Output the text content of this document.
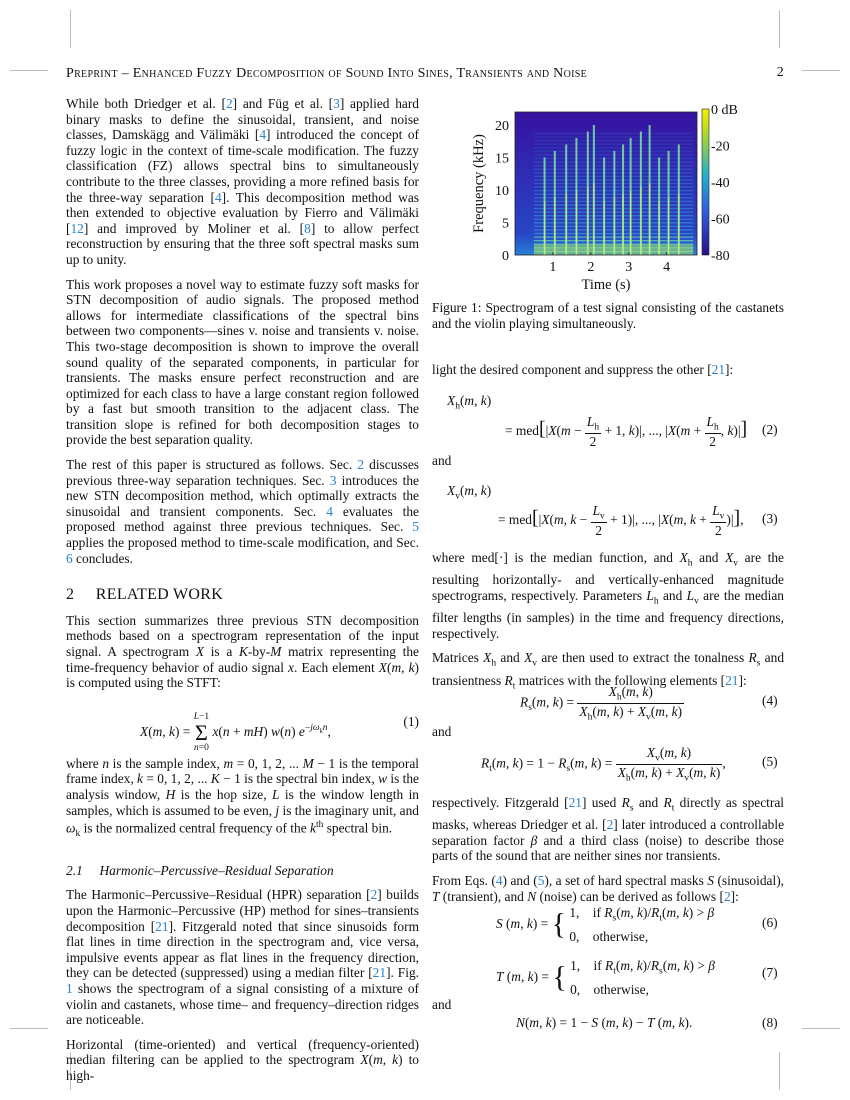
Preprint – Enhanced Fuzzy Decomposition of Sound Into Sines, Transients and Noise	2

While both Driedger et al. [2] and Füg et al. [3] applied hard binary masks to define the sinusoidal, transient, and noise classes, Damskägg and Välimäki [4] introduced the concept of fuzzy logic in the context of time-scale modification. The fuzzy classification (FZ) allows spectral bins to simultaneously contribute to the three classes, providing a more refined basis for the three-way separation [4]. This decomposition method was then extended to objective evaluation by Fierro and Välimäki [12] and improved by Moliner et al. [8] to allow perfect reconstruction by ensuring that the three soft spectral masks sum up to unity.

This work proposes a novel way to estimate fuzzy soft masks for STN decomposition of audio signals. The proposed method allows for intermediate classifications of the spectral bins between two components—sines v. noise and transients v. noise. This two-stage decomposition is shown to improve the overall sound quality of the separated components, in particular for transients. The masks ensure perfect reconstruction and are optimized for each class to have a large constant region followed by a fast but smooth transition to the adjacent class. The transition slope is refined for both decomposition stages to provide the best separation quality.

The rest of this paper is structured as follows. Sec. 2 discusses previous three-way separation techniques. Sec. 3 introduces the new STN decomposition method, which optimally extracts the sinusoidal and transient components. Sec. 4 evaluates the proposed method against three previous techniques. Sec. 5 applies the proposed method to time-scale modification, and Sec. 6 concludes.

2     RELATED WORK

This section summarizes three previous STN decomposition methods based on a spectrogram representation of the input signal. A spectrogram X is a K-by-M matrix representing the time-frequency behavior of audio signal x. Each element X(m, k) is computed using the STFT:

X(m, k) =
L−1
Σ
n=0
x(n + mH) w(n) $e^{-j\omega_kn}$,
(1)

where n is the sample index, m = 0, 1, 2, ... M − 1 is the temporal frame index, k = 0, 1, 2, ... K − 1 is the spectral bin index, w is the analysis window, H is the hop size, L is the window length in samples, which is assumed to be even, j is the imaginary unit, and $\omega_k$ is the normalized central frequency of the $k^{th}$ spectral bin.

2.1     Harmonic–Percussive–Residual Separation

The Harmonic–Percussive–Residual (HPR) separation [2] builds upon the Harmonic–Percussive (HP) method for sines–transients decomposition [21]. Fitzgerald noted that since sinusoids form flat lines in time direction in the spectrogram and, vice versa, impulsive events appear as flat lines in the frequency direction, they can be detected (suppressed) using a median filter [21]. Fig. 1 shows the spectrogram of a signal consisting of a mixture of violin and castanets, whose time– and frequency–direction ridges are noticeable.

Horizontal (time-oriented) and vertical (frequency-oriented) median filtering can be applied to the spectrogram X(m, k) to high-

1 2 3 4
0
5
10
15
20
Time (s)
Frequency (kHz)
0 dB
-20
-40
-60
-80
Figure 1: Spectrogram of a test signal consisting of the castanets and the violin playing simultaneously.

light the desired component and suppress the other [21]:

$X_h(m$, k)
= $med[|X(m - \frac{L_h}{2} + 1$, k)|, ..., $|X(m + \frac{L_h}{2}$ , k)|] (2)
and
$X_v(m$, k)
= med[|X(m, $k - \frac{L_v}{2} + 1)|$, ..., |X(m, $k + \frac{L_v}{2}$ )|], (3)

where med[·] is the median function, and $X_h$ and $X_v$ are the resulting horizontally- and vertically-enhanced magnitude spectrograms, respectively. Parameters $L_h$ and $L_v$ are the median filter lengths (in samples) in the time and frequency directions, respectively.

Matrices $X_h$ and $X_v$ are then used to extract the tonalness $R_s$ and transientness $R_t$ matrices with the following elements [21]:

$R_s(m$, $k) = \frac{X_h(m, k)}{X_h(m, k) + X_v(m, k)}$	(4)
and
$R_t(m$, $k) = 1 - R_s(m$, $k) = \frac{X_v(m, k)}{X_h(m, k) + X_v(m, k)}$ ,	(5)

respectively. Fitzgerald [21] used $R_s$ and $R_t$ directly as spectral masks, whereas Driedger et al. [2] later introduced a controllable separation factor β and a third class (noise) to describe those parts of the sound that are neither sines nor transients.

From Eqs. (4) and (5), a set of hard spectral masks S (sinusoidal), T (transient), and N (noise) can be derived as follows [2]:

S (m, k) = { 1,    if $R_s(m$, $k)/R_t(m$, k) > β
0,    otherwise,
(6)
T (m, k) = { 1,    if $R_t(m$, $k)/R_s(m$, k) > β
0,    otherwise,
(7)
and
N(m, k) = 1 − S (m, k) − T (m, k).	(8)
